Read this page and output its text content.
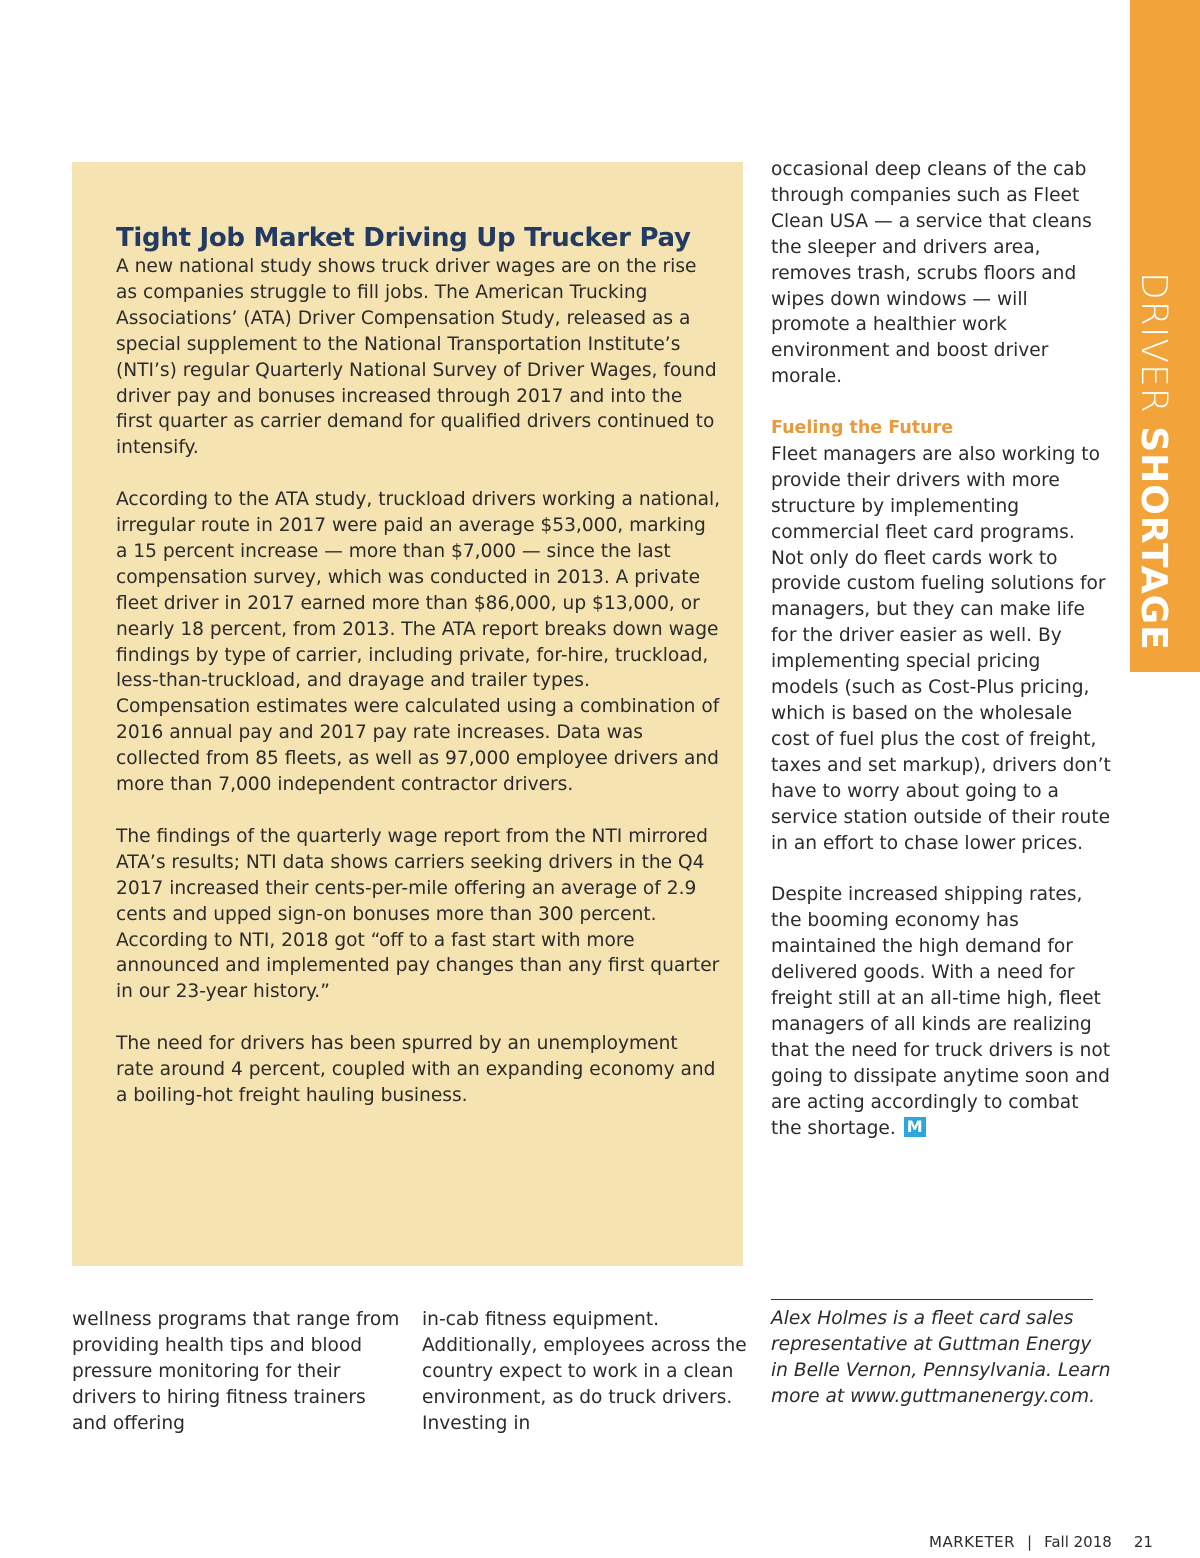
DRIVER SHORTAGE
Tight Job Market Driving Up Trucker Pay

A new national study shows truck driver wages are on the rise as companies struggle to fill jobs. The American Trucking Associations’ (ATA) Driver Compensation Study, released as a special supplement to the National Transportation Institute’s (NTI’s) regular Quarterly National Survey of Driver Wages, found driver pay and bonuses increased through 2017 and into the first quarter as carrier demand for qualified drivers continued to intensify.

According to the ATA study, truckload drivers working a national, irregular route in 2017 were paid an average $53,000, marking a 15 percent increase — more than $7,000 — since the last compensation survey, which was conducted in 2013. A private fleet driver in 2017 earned more than $86,000, up $13,000, or nearly 18 percent, from 2013. The ATA report breaks down wage findings by type of carrier, including private, for-hire, truckload, less-than-truckload, and drayage and trailer types. Compensation estimates were calculated using a combination of 2016 annual pay and 2017 pay rate increases. Data was collected from 85 fleets, as well as 97,000 employee drivers and more than 7,000 independent contractor drivers.

The findings of the quarterly wage report from the NTI mirrored ATA’s results; NTI data shows carriers seeking drivers in the Q4 2017 increased their cents-per-mile offering an average of 2.9 cents and upped sign-on bonuses more than 300 percent. According to NTI, 2018 got “off to a fast start with more announced and implemented pay changes than any first quarter in our 23-year history.”

The need for drivers has been spurred by an unemployment rate around 4 percent, coupled with an expanding economy and a boiling-hot freight hauling business.

occasional deep cleans of the cab through companies such as Fleet Clean USA — a service that cleans the sleeper and drivers area, removes trash, scrubs floors and wipes down windows — will promote a healthier work environment and boost driver morale.

Fueling the Future

Fleet managers are also working to provide their drivers with more structure by implementing commercial fleet card programs. Not only do fleet cards work to provide custom fueling solutions for managers, but they can make life for the driver easier as well. By implementing special pricing models (such as Cost-Plus pricing, which is based on the wholesale cost of fuel plus the cost of freight, taxes and set markup), drivers don’t have to worry about going to a service station outside of their route in an effort to chase lower prices.

Despite increased shipping rates, the booming economy has maintained the high demand for delivered goods. With a need for freight still at an all-time high, fleet managers of all kinds are realizing that the need for truck drivers is not going to dissipate anytime soon and are acting accordingly to combat the shortage. M

wellness programs that range from providing health tips and blood pressure monitoring for their drivers to hiring fitness trainers and offering
in-cab fitness equipment. Additionally, employees across the country expect to work in a clean environment, as do truck drivers. Investing in
Alex Holmes is a fleet card sales representative at Guttman Energy in Belle Vernon, Pennsylvania. Learn more at www.guttmanenergy.com.
MARKETER | Fall 2018 21
